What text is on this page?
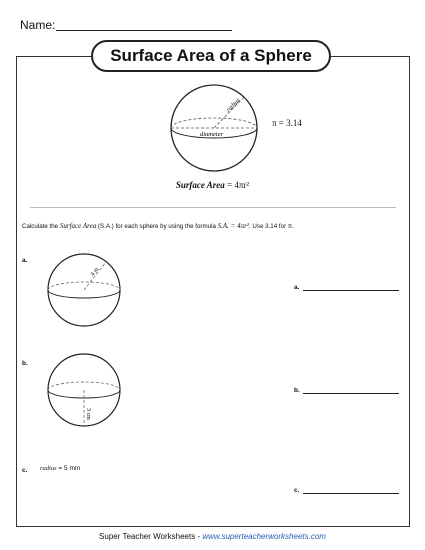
Name:
Surface Area of a Sphere
radius
diameter
π = 3.14
Surface Area = 4πr²
Calculate the Surface Area (S.A.) for each sphere by using the formula S.A. = 4πr². Use 3.14 for π.
a.
4 m
a.
b.
3 cm
b.
c. radius = 5 mm
c.
Super Teacher Worksheets - www.superteacherworksheets.com
